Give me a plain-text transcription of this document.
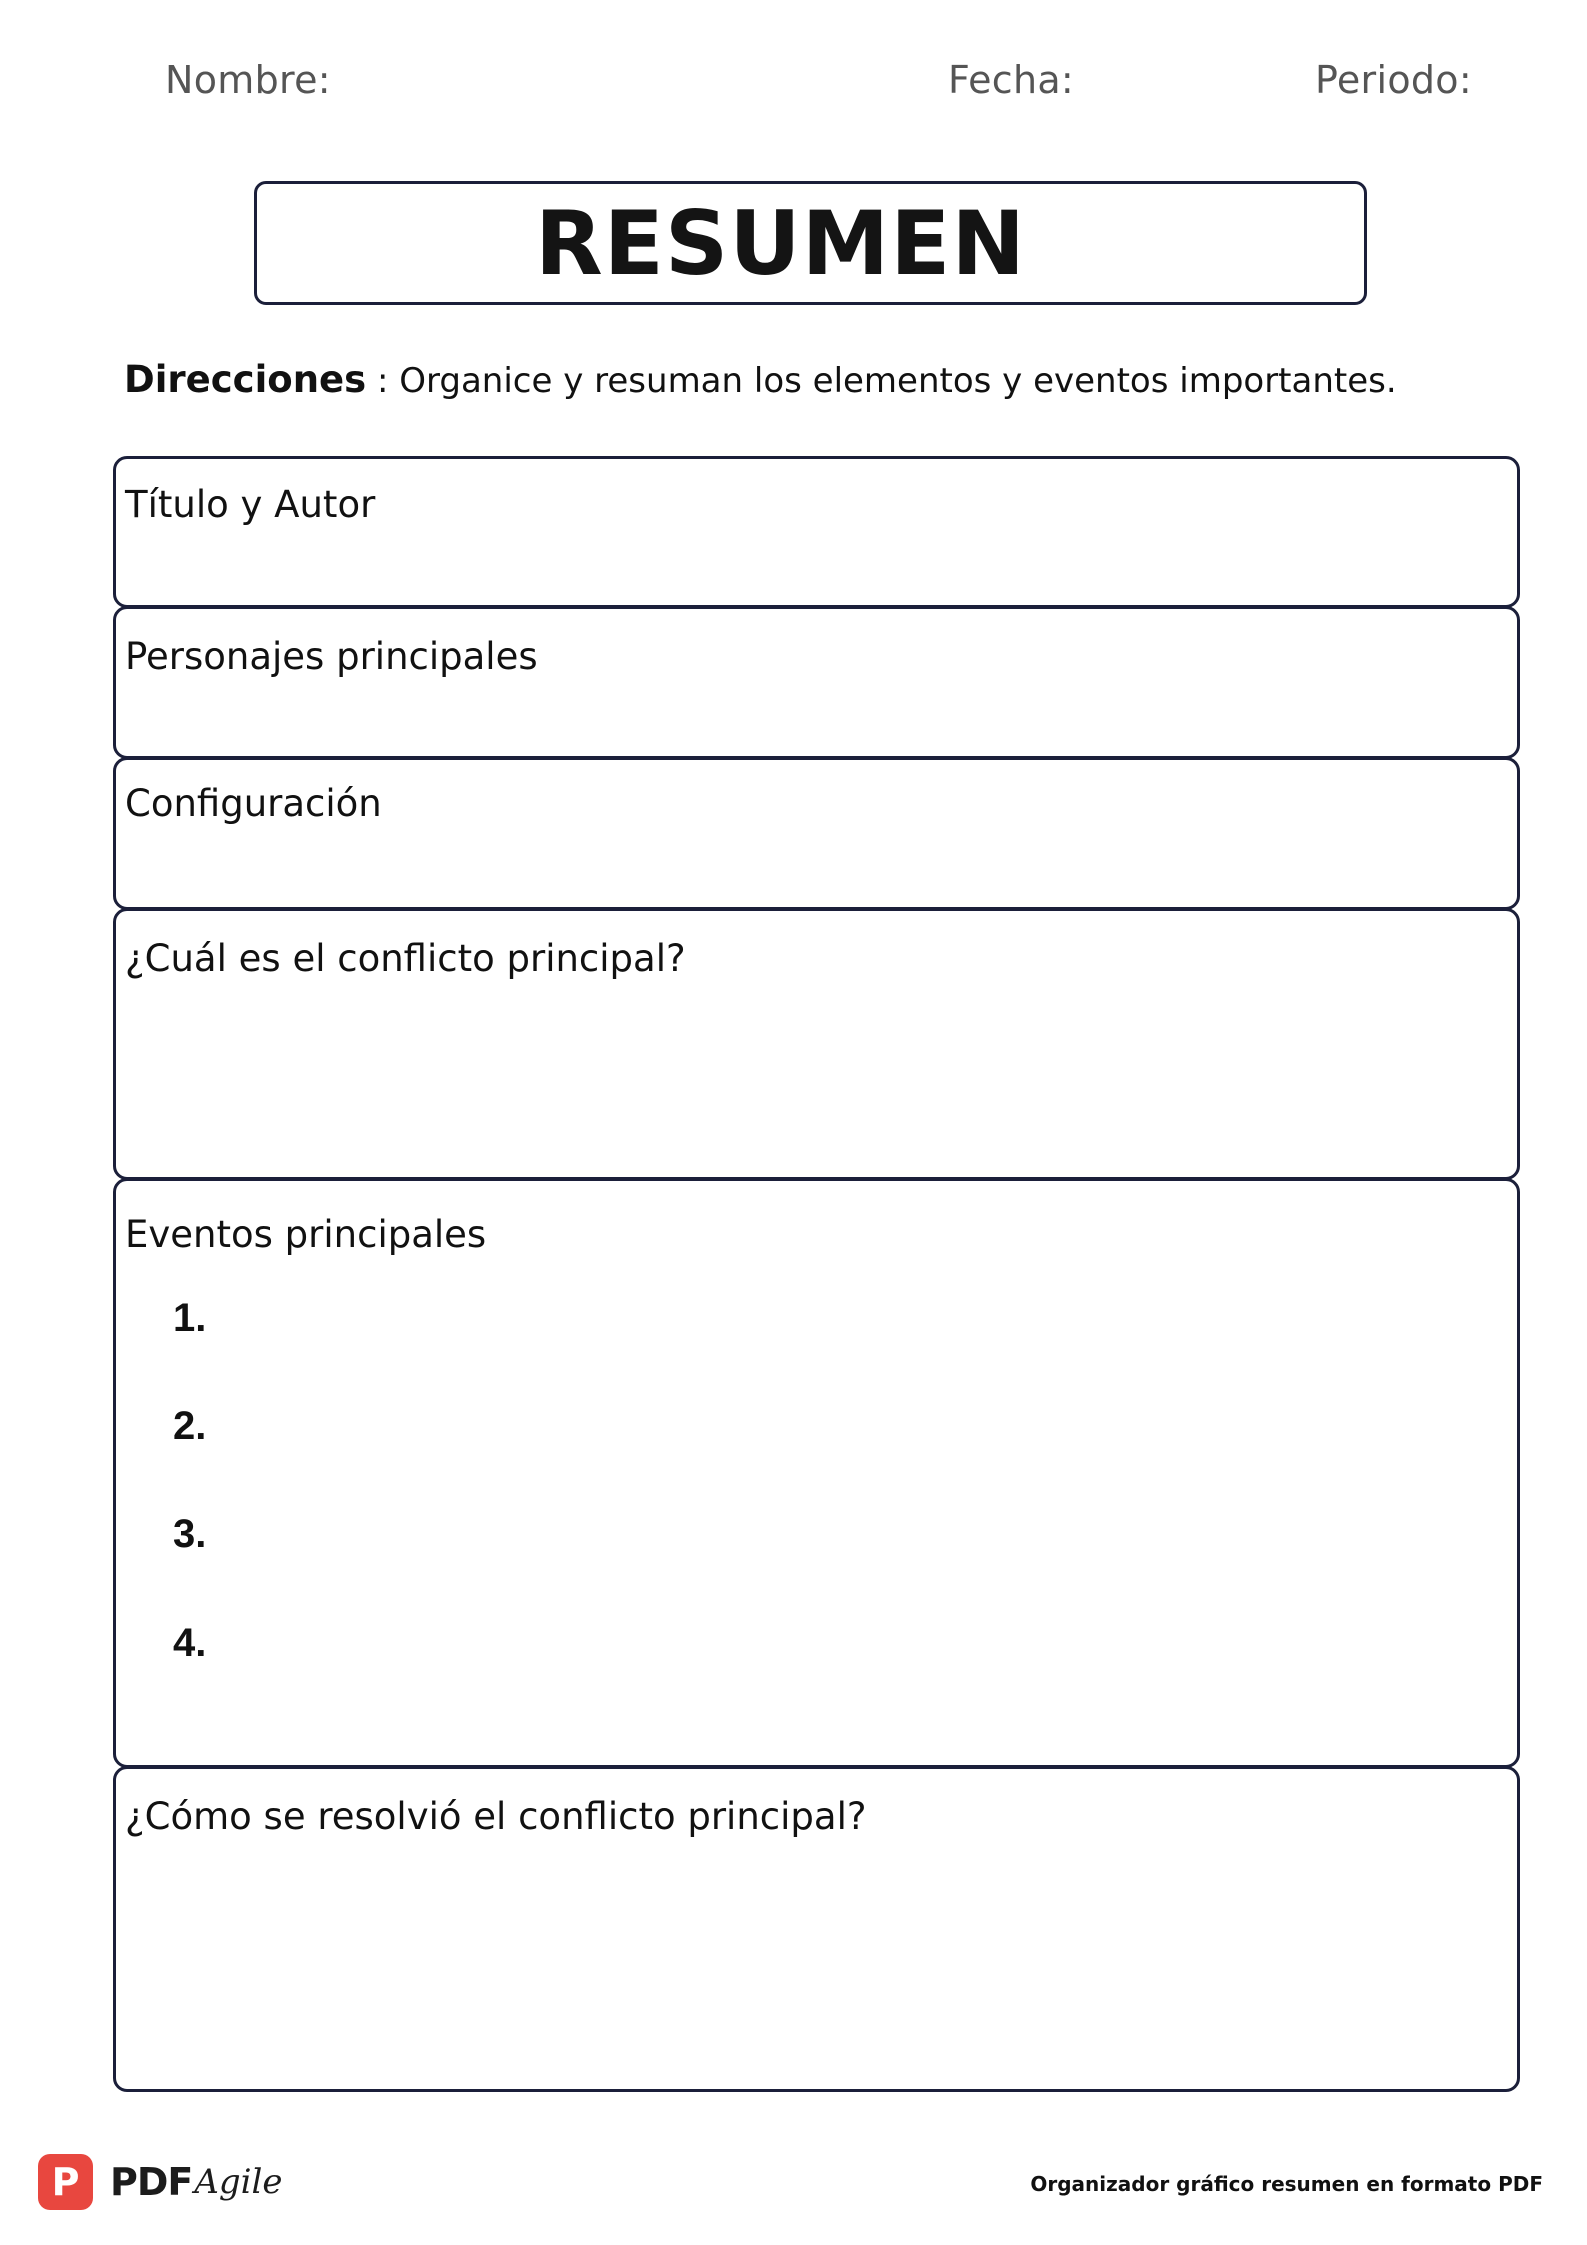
Nombre:	Fecha:	Periodo:
RESUMEN
Direcciones : Organice y resuman los elementos y eventos importantes.
Título y Autor
Personajes principales
Configuración
¿Cuál es el conflicto principal?
Eventos principales
1.
2.
3.
4.
¿Cómo se resolvió el conflicto principal?
P PDF Agile	Organizador gráfico resumen en formato PDF
